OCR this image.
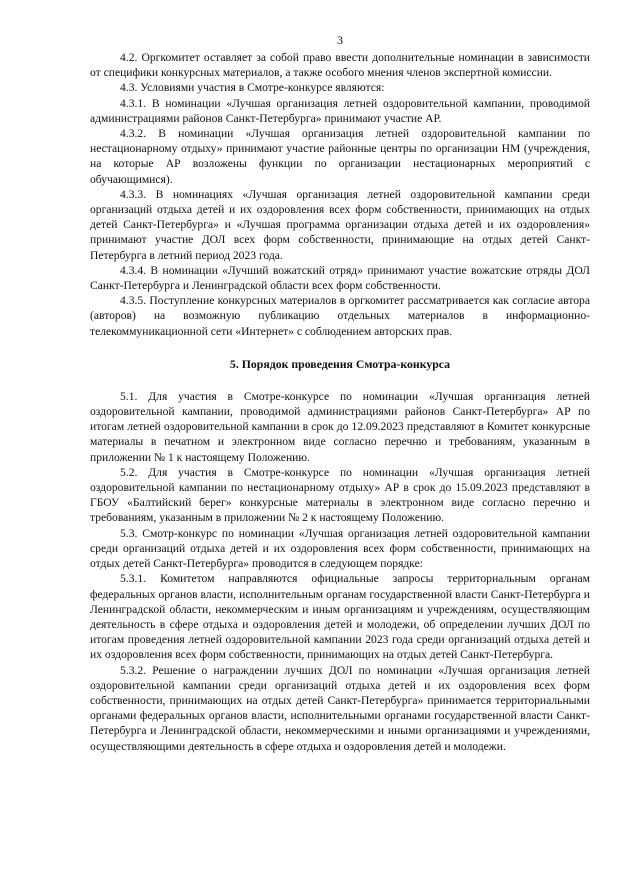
3

4.2. Оргкомитет оставляет за собой право ввести дополнительные номинации в зависимости от специфики конкурсных материалов, а также особого мнения членов экспертной комиссии.

4.3. Условиями участия в Смотре-конкурсе являются:

4.3.1. В номинации «Лучшая организация летней оздоровительной кампании, проводимой администрациями районов Санкт-Петербурга» принимают участие АР.

4.3.2. В номинации «Лучшая организация летней оздоровительной кампании по нестационарному отдыху» принимают участие районные центры по организации НМ (учреждения, на которые АР возложены функции по организации нестационарных мероприятий с обучающимися).

4.3.3. В номинациях «Лучшая организация летней оздоровительной кампании среди организаций отдыха детей и их оздоровления всех форм собственности, принимающих на отдых детей Санкт-Петербурга» и «Лучшая программа организации отдыха детей и их оздоровления» принимают участие ДОЛ всех форм собственности, принимающие на отдых детей Санкт-Петербурга в летний период 2023 года.

4.3.4. В номинации «Лучший вожатский отряд» принимают участие вожатские отряды ДОЛ Санкт-Петербурга и Ленинградской области всех форм собственности.

4.3.5. Поступление конкурсных материалов в оргкомитет рассматривается как согласие автора (авторов) на возможную публикацию отдельных материалов в информационно-телекоммуникационной сети «Интернет» с соблюдением авторских прав.

5. Порядок проведения Смотра-конкурса

5.1. Для участия в Смотре-конкурсе по номинации «Лучшая организация летней оздоровительной кампании, проводимой администрациями районов Санкт-Петербурга» АР по итогам летней оздоровительной кампании в срок до 12.09.2023 представляют в Комитет конкурсные материалы в печатном и электронном виде согласно перечню и требованиям, указанным в приложении № 1 к настоящему Положению.

5.2. Для участия в Смотре-конкурсе по номинации «Лучшая организация летней оздоровительной кампании по нестационарному отдыху» АР в срок до 15.09.2023 представляют в ГБОУ «Балтийский берег» конкурсные материалы в электронном виде согласно перечню и требованиям, указанным в приложении № 2 к настоящему Положению.

5.3. Смотр-конкурс по номинации «Лучшая организация летней оздоровительной кампании среди организаций отдыха детей и их оздоровления всех форм собственности, принимающих на отдых детей Санкт-Петербурга» проводится в следующем порядке:

5.3.1. Комитетом направляются официальные запросы территориальным органам федеральных органов власти, исполнительным органам государственной власти Санкт-Петербурга и Ленинградской области, некоммерческим и иным организациям и учреждениям, осуществляющим деятельность в сфере отдыха и оздоровления детей и молодежи, об определении лучших ДОЛ по итогам проведения летней оздоровительной кампании 2023 года среди организаций отдыха детей и их оздоровления всех форм собственности, принимающих на отдых детей Санкт-Петербурга.

5.3.2. Решение о награждении лучших ДОЛ по номинации «Лучшая организация летней оздоровительной кампании среди организаций отдыха детей и их оздоровления всех форм собственности, принимающих на отдых детей Санкт-Петербурга» принимается территориальными органами федеральных органов власти, исполнительными органами государственной власти Санкт-Петербурга и Ленинградской области, некоммерческими и иными организациями и учреждениями, осуществляющими деятельность в сфере отдыха и оздоровления детей и молодежи.
